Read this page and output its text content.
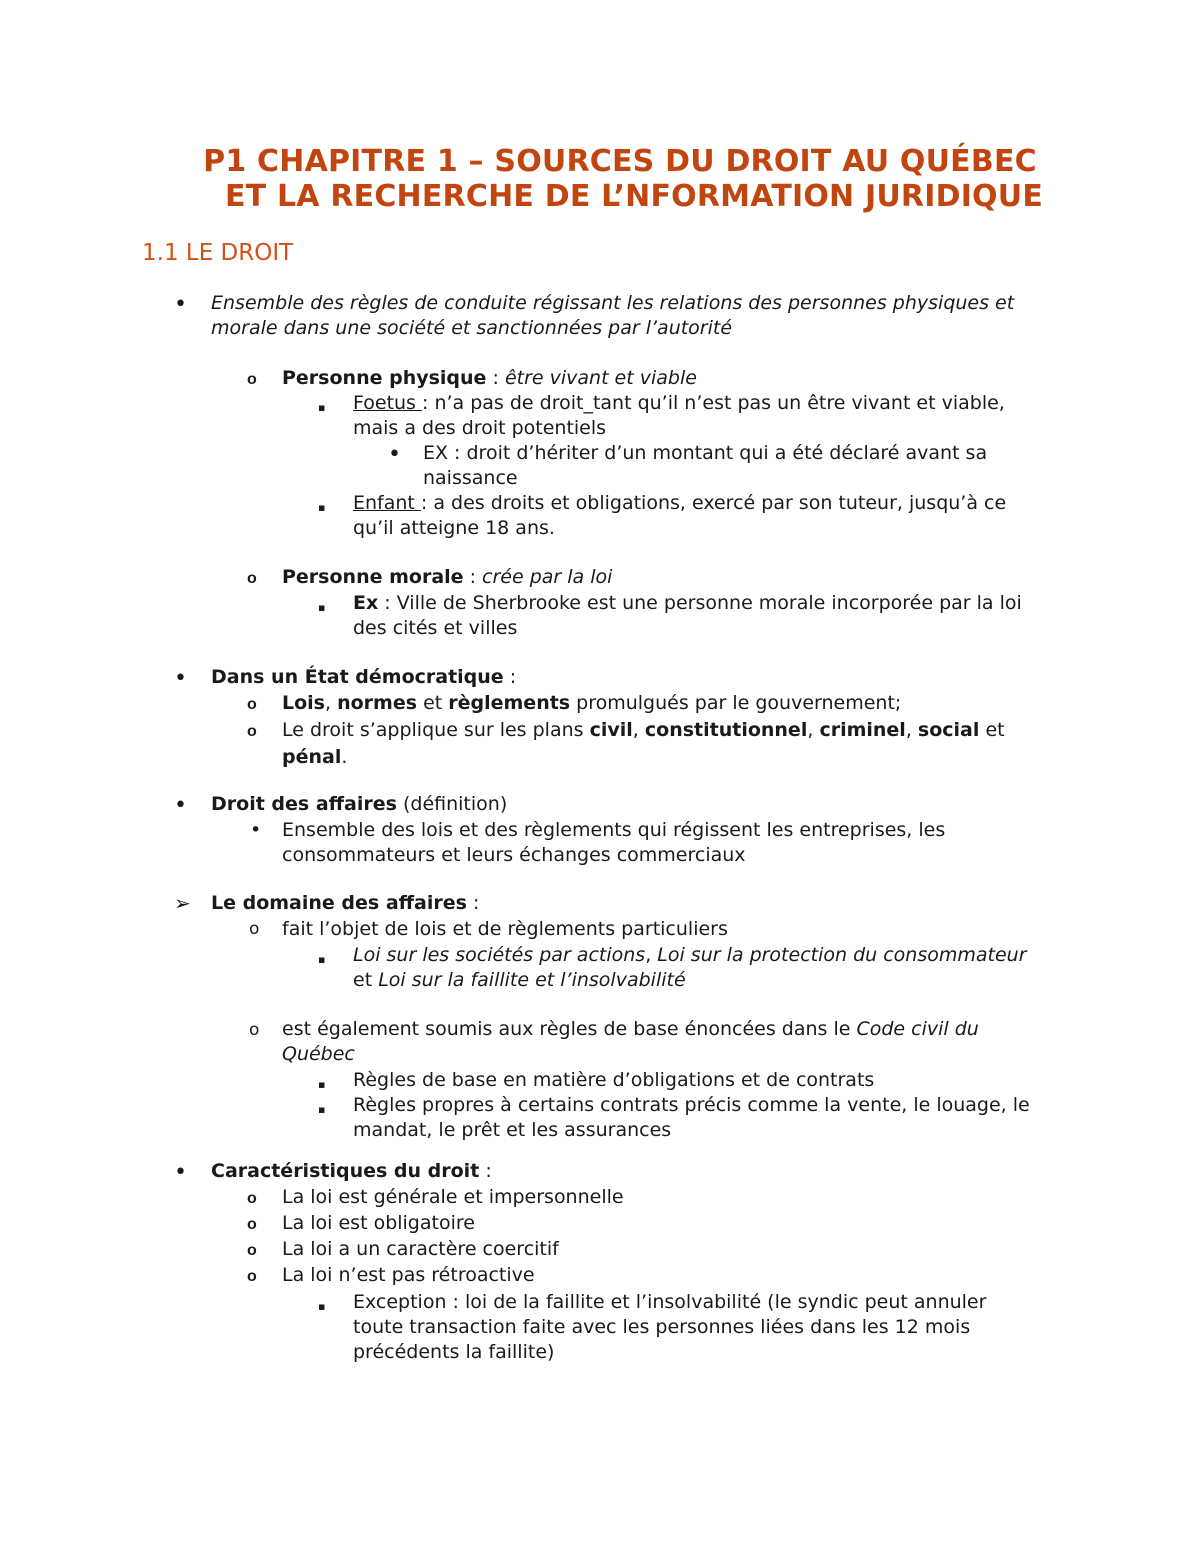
P1 CHAPITRE 1 – SOURCES DU DROIT AU QUÉBEC
ET LA RECHERCHE DE L’NFORMATION JURIDIQUE
1.1 LE DROIT
• Ensemble des règles de conduite régissant les relations des personnes physiques et
morale dans une société et sanctionnées par l’autorité
o Personne physique : être vivant et viable
▪ Foetus : n’a pas de droit_tant qu’il n’est pas un être vivant et viable,
mais a des droit potentiels
• EX : droit d’hériter d’un montant qui a été déclaré avant sa
naissance
▪ Enfant : a des droits et obligations, exercé par son tuteur, jusqu’à ce
qu’il atteigne 18 ans.
o Personne morale : crée par la loi
▪ Ex : Ville de Sherbrooke est une personne morale incorporée par la loi
des cités et villes
• Dans un État démocratique :
o Lois, normes et règlements promulgués par le gouvernement;
o Le droit s’applique sur les plans civil, constitutionnel, criminel, social et
pénal.
• Droit des affaires (définition)
• Ensemble des lois et des règlements qui régissent les entreprises, les
consommateurs et leurs échanges commerciaux
➢ Le domaine des affaires :
o fait l’objet de lois et de règlements particuliers
▪ Loi sur les sociétés par actions, Loi sur la protection du consommateur
et Loi sur la faillite et l’insolvabilité
o est également soumis aux règles de base énoncées dans le Code civil du
Québec
▪ Règles de base en matière d’obligations et de contrats
▪ Règles propres à certains contrats précis comme la vente, le louage, le
mandat, le prêt et les assurances
• Caractéristiques du droit :
o La loi est générale et impersonnelle
o La loi est obligatoire
o La loi a un caractère coercitif
o La loi n’est pas rétroactive
▪ Exception : loi de la faillite et l’insolvabilité (le syndic peut annuler
toute transaction faite avec les personnes liées dans les 12 mois
précédents la faillite)
